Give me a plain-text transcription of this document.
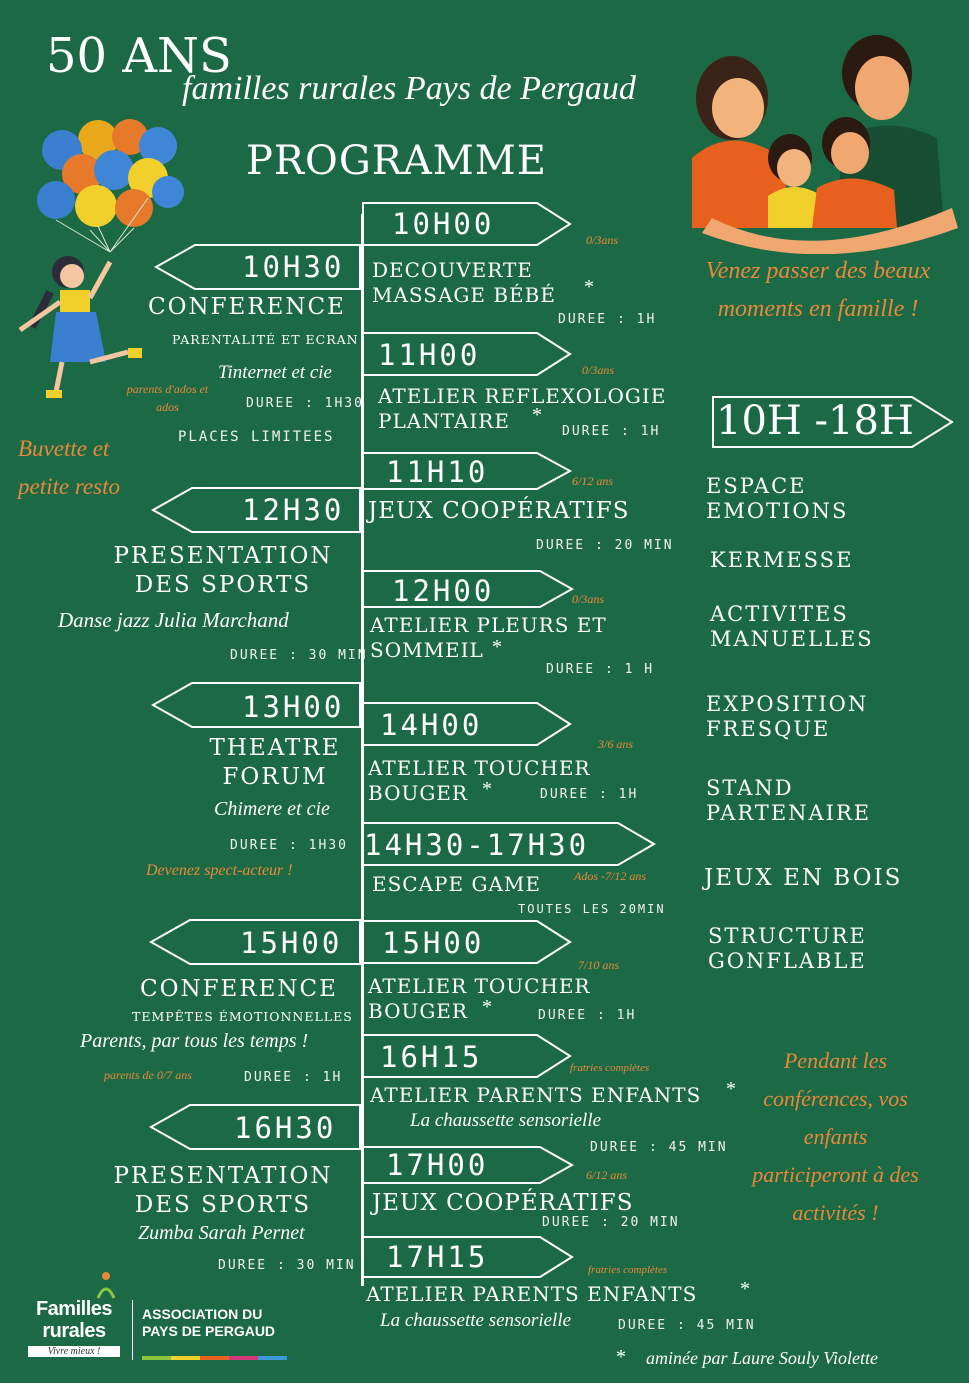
50 ANS
familles rurales Pays de Pergaud
PROGRAMME
10H -18H
10H30
CONFERENCE
PARENTALITÉ ET ECRAN
Tinternet et cie
parents d'ados et ados	DUREE : 1H30
PLACES LIMITEES
12H30
PRESENTATION DES SPORTS
Danse jazz Julia Marchand
DUREE : 30 MIN
13H00
THEATRE FORUM
Chimere et cie
DUREE : 1H30
Devenez spect-acteur !
15H00
CONFERENCE
TEMPÊTES ÉMOTIONNELLES
Parents, par tous les temps !
parents de 0/7 ans	DUREE : 1H
16H30
PRESENTATION DES SPORTS
Zumba Sarah Pernet
DUREE : 30 MIN
Buvette et petite resto
10H00	0/3ans
DECOUVERTE MASSAGE BÉBÉ	*
DUREE : 1H
11H00	0/3ans
ATELIER REFLEXOLOGIE PLANTAIRE	*
DUREE : 1H
11H10	6/12 ans
JEUX COOPÉRATIFS
DUREE : 20 MIN
12H00	0/3ans
ATELIER PLEURS ET SOMMEIL *
DUREE : 1 H
14H00
3/6 ans
ATELIER TOUCHER BOUGER *	DUREE : 1H
14H30-17H30
Ados -7/12 ans
ESCAPE GAME
TOUTES LES 20MIN
15H00
7/10 ans
ATELIER TOUCHER BOUGER *	DUREE : 1H
16H15	fratries complètes
ATELIER PARENTS ENFANTS *
La chaussette sensorielle
DUREE : 45 MIN
17H00	6/12 ans
JEUX COOPÉRATIFS
DUREE : 20 MIN
17H15	fratries complètes
ATELIER PARENTS ENFANTS *
La chaussette sensorielle	DUREE : 45 MIN
Venez passer des beaux moments en famille !
ESPACE EMOTIONS
KERMESSE
ACTIVITES MANUELLES
EXPOSITION FRESQUE
STAND PARTENAIRE
JEUX EN BOIS
STRUCTURE GONFLABLE
Pendant les conférences, vos enfants participeront à des activités !
* aminée par Laure Souly Violette
Familles rurales
Vivre mieux !
ASSOCIATION DU
PAYS DE PERGAUD
